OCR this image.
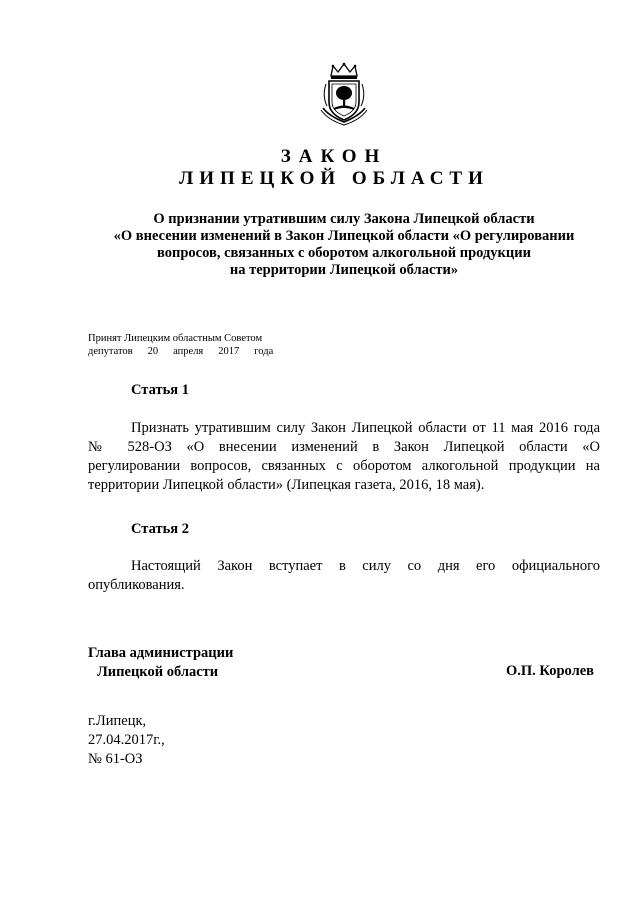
ЗАКОН
ЛИПЕЦКОЙ ОБЛАСТИ
О признании утратившим силу Закона Липецкой области
«О внесении изменений в Закон Липецкой области «О регулировании
вопросов, связанных с оборотом алкогольной продукции
на территории Липецкой области»
Принят Липецким областным Советом
депутатов 20 апреля 2017 года
Статья 1
Признать утратившим силу Закон Липецкой области от 11 мая 2016 года
№ 528-ОЗ «О внесении изменений в Закон Липецкой области «О
регулировании вопросов, связанных с оборотом алкогольной продукции на
территории Липецкой области» (Липецкая газета, 2016, 18 мая).
Статья 2
Настоящий Закон вступает в силу со дня его официального
опубликования.
Глава администрации
Липецкой области	О.П. Королев
г.Липецк,
27.04.2017г.,
№ 61-ОЗ
